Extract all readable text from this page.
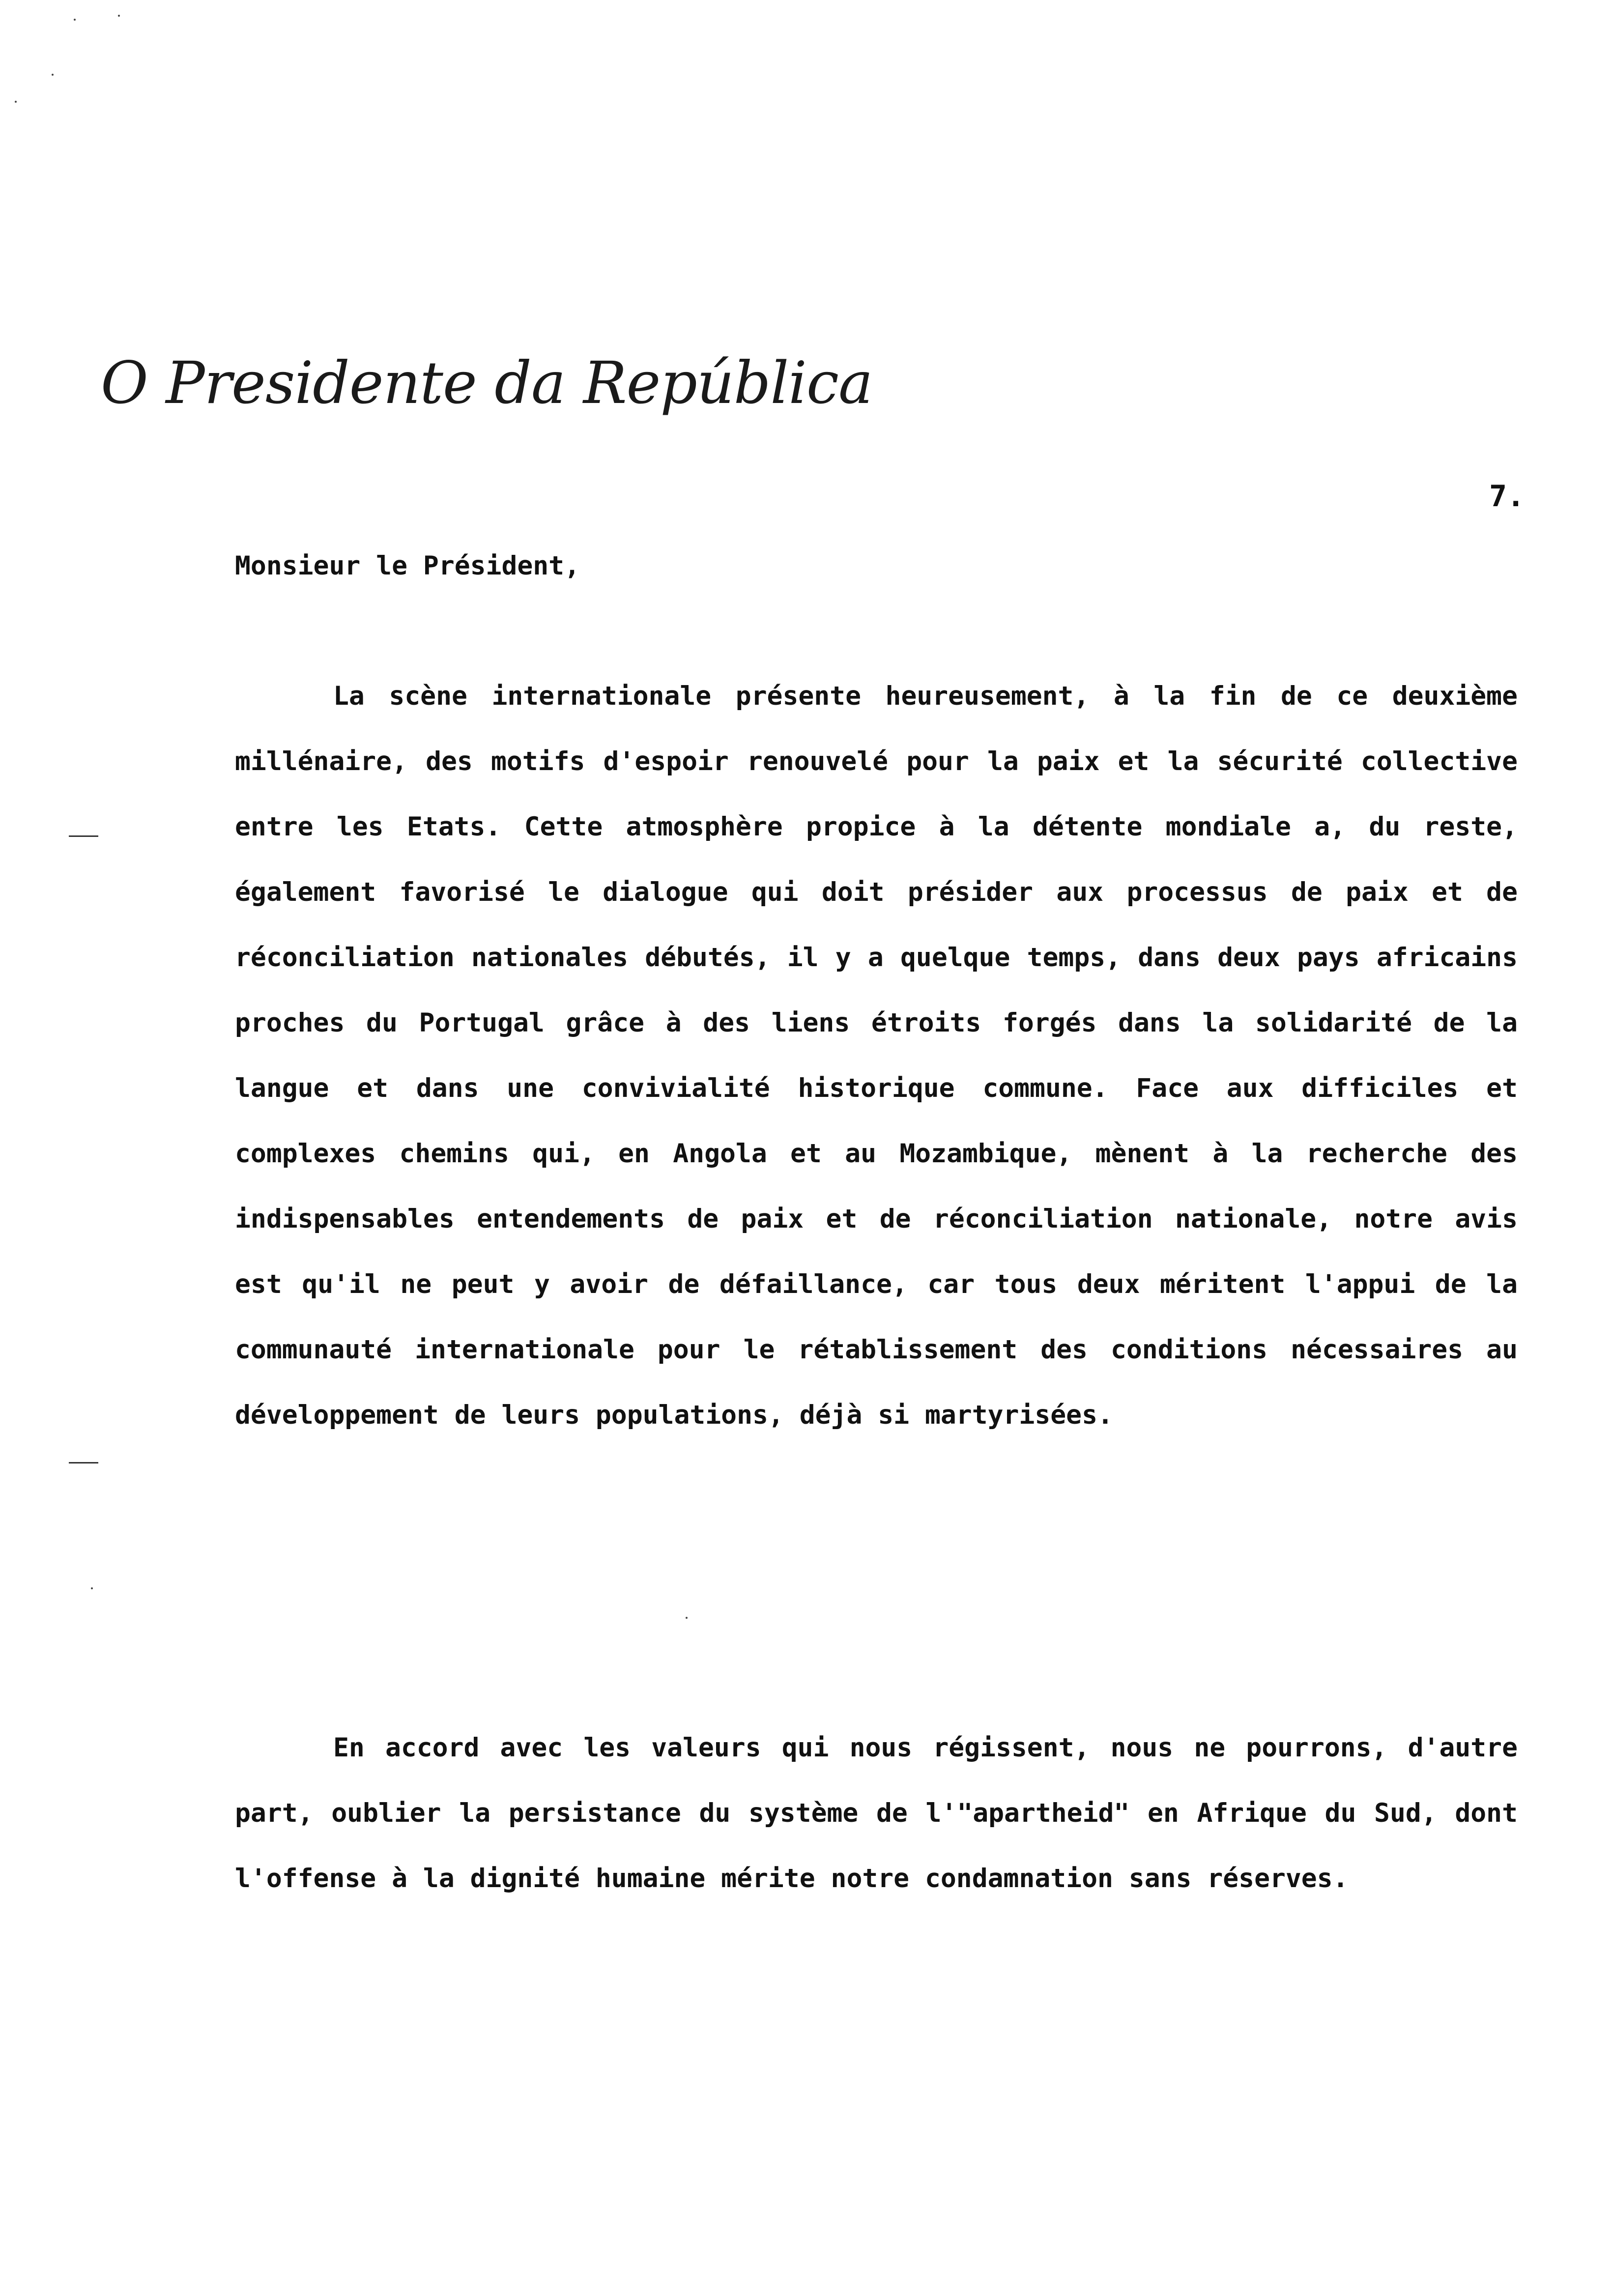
O Presidente da República
7.
Monsieur le Président,

La scène internationale présente heureusement, à la fin de ce deuxième millénaire, des motifs d'espoir renouvelé pour la paix et la sécurité collective entre les Etats. Cette atmosphère propice à la détente mondiale a, du reste, également favorisé le dialogue qui doit présider aux processus de paix et de réconciliation nationales débutés, il y a quelque temps, dans deux pays africains proches du Portugal grâce à des liens étroits forgés dans la solidarité de la langue et dans une convivialité historique commune. Face aux difficiles et complexes chemins qui, en Angola et au Mozambique, mènent à la recherche des indispensables entendements de paix et de réconciliation nationale, notre avis est qu'il ne peut y avoir de défaillance, car tous deux méritent l'appui de la communauté internationale pour le rétablissement des conditions nécessaires au développement de leurs populations, déjà si martyrisées.

En accord avec les valeurs qui nous régissent, nous ne pourrons, d'autre part, oublier la persistance du système de l'"apartheid" en Afrique du Sud, dont l'offense à la dignité humaine mérite notre condamnation sans réserves.
